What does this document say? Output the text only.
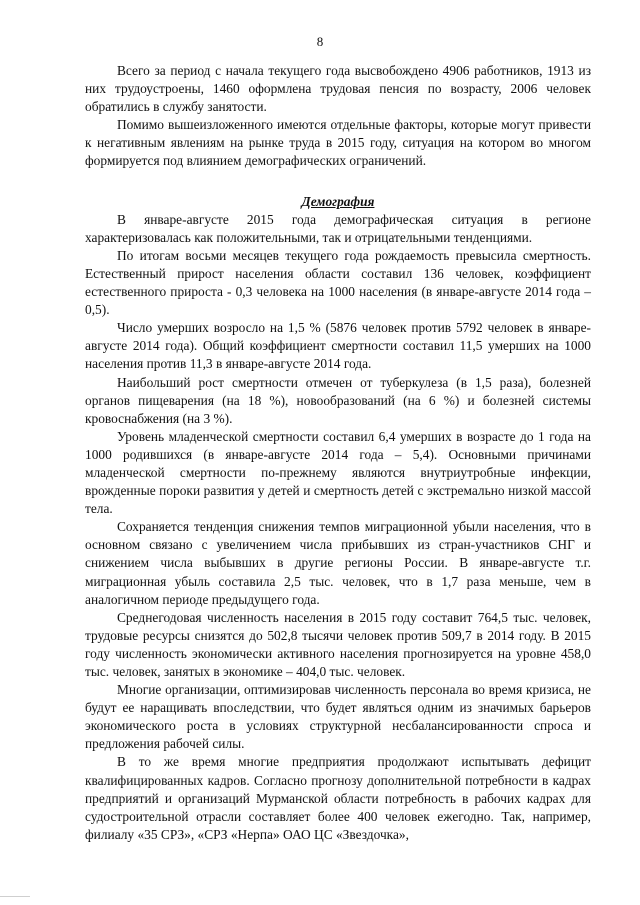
8

Всего за период с начала текущего года высвобождено 4906 работников, 1913 из них трудоустроены, 1460 оформлена трудовая пенсия по возрасту, 2006 человек обратились в службу занятости.

Помимо вышеизложенного имеются отдельные факторы, которые могут привести к негативным явлениям на рынке труда в 2015 году, ситуация на котором во многом формируется под влиянием демографических ограничений.

Демография

В январе-августе 2015 года демографическая ситуация в регионе характеризовалась как положительными, так и отрицательными тенденциями.

По итогам восьми месяцев текущего года рождаемость превысила смертность. Естественный прирост населения области составил 136 человек, коэффициент естественного прироста - 0,3 человека на 1000 населения (в январе-августе 2014 года – 0,5).

Число умерших возросло на 1,5 % (5876 человек против 5792 человек в январе-августе 2014 года). Общий коэффициент смертности составил 11,5 умерших на 1000 населения против 11,3 в январе-августе 2014 года.

Наибольший рост смертности отмечен от туберкулеза (в 1,5 раза), болезней органов пищеварения (на 18 %), новообразований (на 6 %) и болезней системы кровоснабжения (на 3 %).

Уровень младенческой смертности составил 6,4 умерших в возрасте до 1 года на 1000 родившихся (в январе-августе 2014 года – 5,4). Основными причинами младенческой смертности по-прежнему являются внутриутробные инфекции, врожденные пороки развития у детей и смертность детей с экстремально низкой массой тела.

Сохраняется тенденция снижения темпов миграционной убыли населения, что в основном связано с увеличением числа прибывших из стран-участников СНГ и снижением числа выбывших в другие регионы России. В январе-августе т.г. миграционная убыль составила 2,5 тыс. человек, что в 1,7 раза меньше, чем в аналогичном периоде предыдущего года.

Среднегодовая численность населения в 2015 году составит 764,5 тыс. человек, трудовые ресурсы снизятся до 502,8 тысячи человек против 509,7 в 2014 году. В 2015 году численность экономически активного населения прогнозируется на уровне 458,0 тыс. человек, занятых в экономике – 404,0 тыс. человек.

Многие организации, оптимизировав численность персонала во время кризиса, не будут ее наращивать впоследствии, что будет являться одним из значимых барьеров экономического роста в условиях структурной несбалансированности спроса и предложения рабочей силы.

В то же время многие предприятия продолжают испытывать дефицит квалифицированных кадров. Согласно прогнозу дополнительной потребности в кадрах предприятий и организаций Мурманской области потребность в рабочих кадрах для судостроительной отрасли составляет более 400 человек ежегодно. Так, например, филиалу «35 СРЗ», «СРЗ «Нерпа» ОАО ЦС «Звездочка»,
